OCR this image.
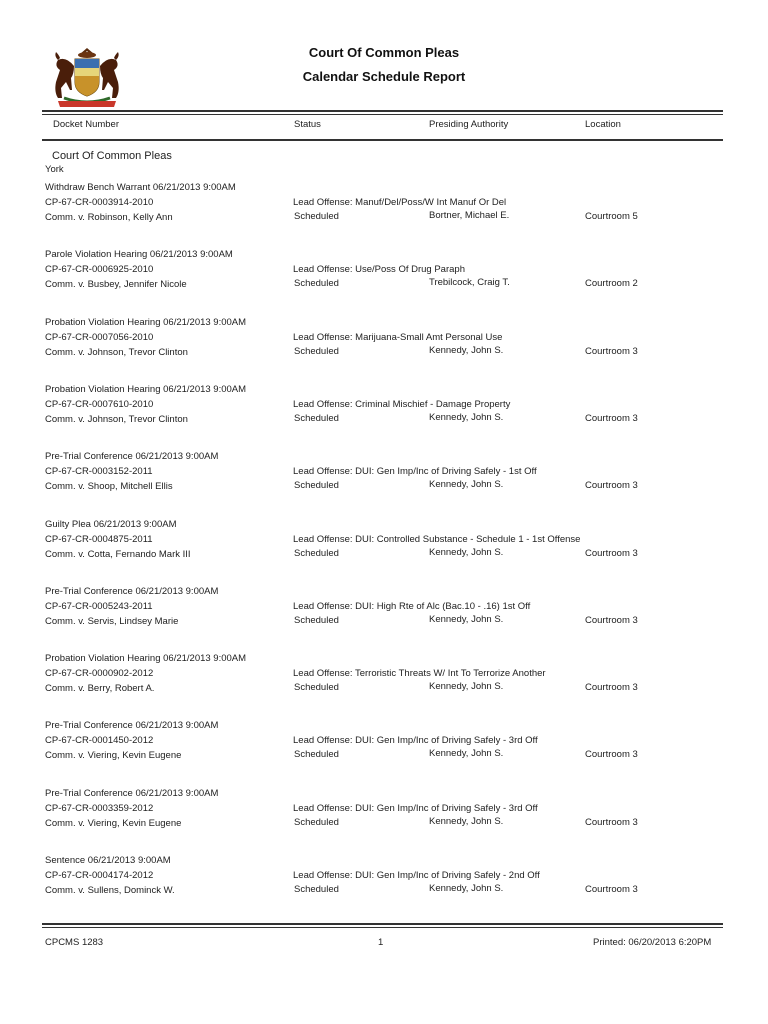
Court Of Common Pleas
Calendar Schedule Report
Docket Number	Status	Presiding Authority	Location
Court Of Common Pleas
York
Withdraw Bench Warrant 06/21/2013 9:00AM
CP-67-CR-0003914-2010
Comm. v. Robinson, Kelly Ann
Lead Offense: Manuf/Del/Poss/W Int Manuf Or Del
Scheduled	Bortner, Michael E.	Courtroom 5
Parole Violation Hearing 06/21/2013 9:00AM
CP-67-CR-0006925-2010
Comm. v. Busbey, Jennifer Nicole
Lead Offense: Use/Poss Of Drug Paraph
Scheduled	Trebilcock, Craig T.	Courtroom 2
Probation Violation Hearing 06/21/2013 9:00AM
CP-67-CR-0007056-2010
Comm. v. Johnson, Trevor Clinton
Lead Offense: Marijuana-Small Amt Personal Use
Scheduled	Kennedy, John S.	Courtroom 3
Probation Violation Hearing 06/21/2013 9:00AM
CP-67-CR-0007610-2010
Comm. v. Johnson, Trevor Clinton
Lead Offense: Criminal Mischief - Damage Property
Scheduled	Kennedy, John S.	Courtroom 3
Pre-Trial Conference 06/21/2013 9:00AM
CP-67-CR-0003152-2011
Comm. v. Shoop, Mitchell Ellis
Lead Offense: DUI: Gen Imp/Inc of Driving Safely - 1st Off
Scheduled	Kennedy, John S.	Courtroom 3
Guilty Plea 06/21/2013 9:00AM
CP-67-CR-0004875-2011
Comm. v. Cotta, Fernando Mark III
Lead Offense: DUI: Controlled Substance - Schedule 1 - 1st Offense
Scheduled	Kennedy, John S.	Courtroom 3
Pre-Trial Conference 06/21/2013 9:00AM
CP-67-CR-0005243-2011
Comm. v. Servis, Lindsey Marie
Lead Offense: DUI: High Rte of Alc (Bac.10 - .16) 1st Off
Scheduled	Kennedy, John S.	Courtroom 3
Probation Violation Hearing 06/21/2013 9:00AM
CP-67-CR-0000902-2012
Comm. v. Berry, Robert A.
Lead Offense: Terroristic Threats W/ Int To Terrorize Another
Scheduled	Kennedy, John S.	Courtroom 3
Pre-Trial Conference 06/21/2013 9:00AM
CP-67-CR-0001450-2012
Comm. v. Viering, Kevin Eugene
Lead Offense: DUI: Gen Imp/Inc of Driving Safely - 3rd Off
Scheduled	Kennedy, John S.	Courtroom 3
Pre-Trial Conference 06/21/2013 9:00AM
CP-67-CR-0003359-2012
Comm. v. Viering, Kevin Eugene
Lead Offense: DUI: Gen Imp/Inc of Driving Safely - 3rd Off
Scheduled	Kennedy, John S.	Courtroom 3
Sentence 06/21/2013 9:00AM
CP-67-CR-0004174-2012
Comm. v. Sullens, Dominck W.
Lead Offense: DUI: Gen Imp/Inc of Driving Safely - 2nd Off
Scheduled	Kennedy, John S.	Courtroom 3
CPCMS 1283	1	Printed: 06/20/2013 6:20PM
